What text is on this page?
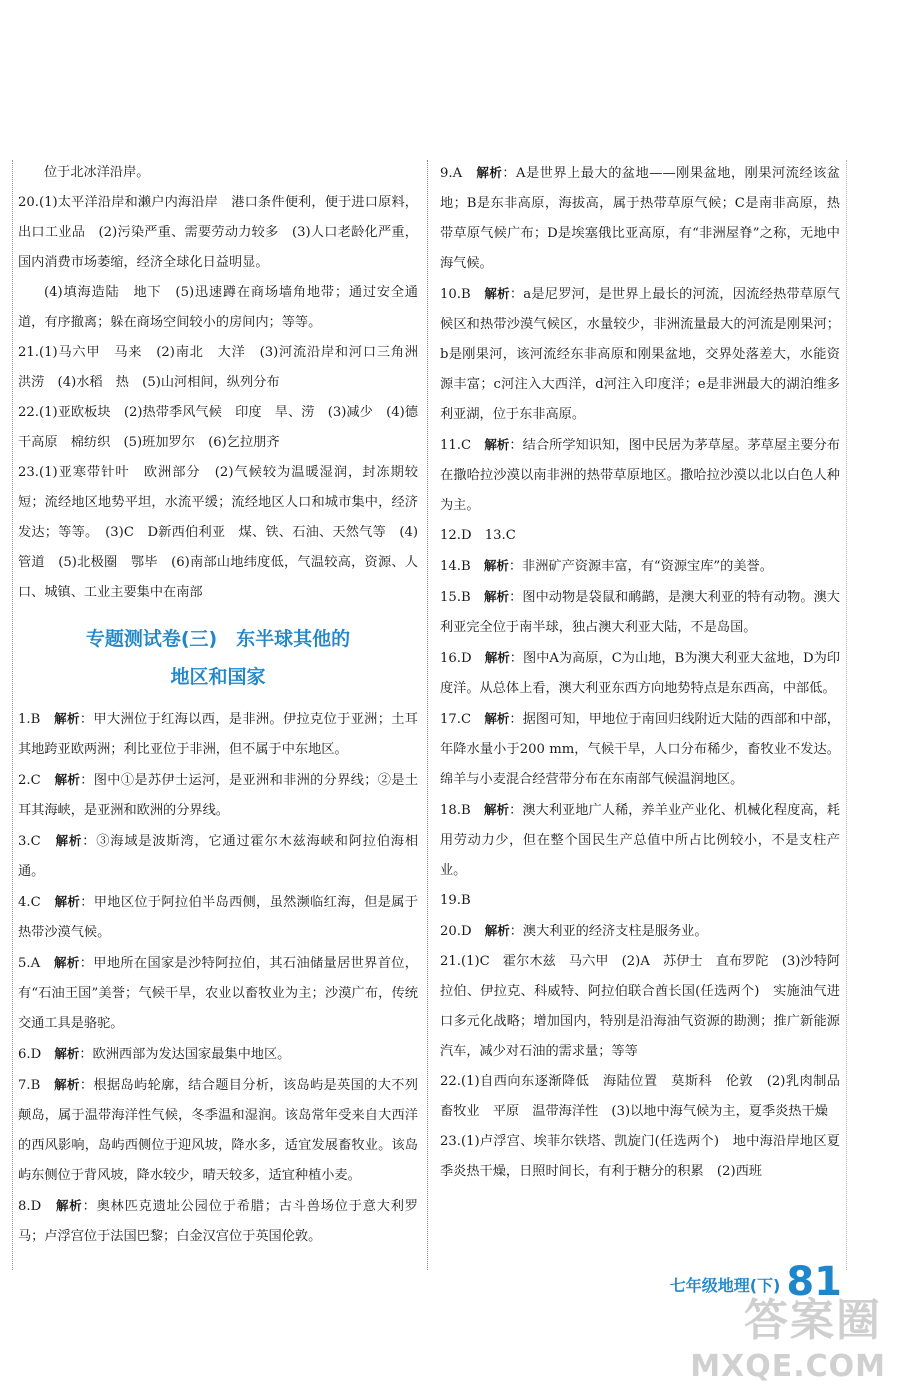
位于北冰洋沿岸。

20.(1)太平洋沿岸和濑户内海沿岸　港口条件便利，便于进口原料，出口工业品　(2)污染严重、需要劳动力较多　(3)人口老龄化严重，国内消费市场萎缩，经济全球化日益明显。

(4)填海造陆　地下　(5)迅速蹲在商场墙角地带；通过安全通道，有序撤离；躲在商场空间较小的房间内；等等。

21.(1)马六甲　马来　(2)南北　大洋　(3)河流沿岸和河口三角洲　洪涝　(4)水稻　热　(5)山河相间，纵列分布

22.(1)亚欧板块　(2)热带季风气候　印度　旱、涝　(3)减少　(4)德干高原　棉纺织　(5)班加罗尔　(6)乞拉朋齐

23.(1)亚寒带针叶　欧洲部分　(2)气候较为温暖湿润，封冻期较短；流经地区地势平坦，水流平缓；流经地区人口和城市集中，经济发达；等等。　(3)C　D新西伯利亚　煤、铁、石油、天然气等　(4)管道　(5)北极圈　鄂毕　(6)南部山地纬度低，气温较高，资源、人口、城镇、工业主要集中在南部

专题测试卷(三)　东半球其他的
地区和国家

1.B　 解析：甲大洲位于红海以西，是非洲。伊拉克位于亚洲；土耳其地跨亚欧两洲；利比亚位于非洲，但不属于中东地区。

2.C　 解析：图中①是苏伊士运河，是亚洲和非洲的分界线；②是土耳其海峡，是亚洲和欧洲的分界线。

3.C　 解析：③海域是波斯湾，它通过霍尔木兹海峡和阿拉伯海相通。

4.C　 解析：甲地区位于阿拉伯半岛西侧，虽然濒临红海，但是属于热带沙漠气候。

5.A　 解析：甲地所在国家是沙特阿拉伯，其石油储量居世界首位，有“石油王国”美誉；气候干旱，农业以畜牧业为主；沙漠广布，传统交通工具是骆驼。

6.D　 解析：欧洲西部为发达国家最集中地区。

7.B　 解析：根据岛屿轮廓，结合题目分析，该岛屿是英国的大不列颠岛，属于温带海洋性气候，冬季温和湿润。该岛常年受来自大西洋的西风影响，岛屿西侧位于迎风坡，降水多，适宜发展畜牧业。该岛屿东侧位于背风坡，降水较少，晴天较多，适宜种植小麦。

8.D　 解析：奥林匹克遗址公园位于希腊；古斗兽场位于意大利罗马；卢浮宫位于法国巴黎；白金汉宫位于英国伦敦。

9.A　 解析：A是世界上最大的盆地——刚果盆地，刚果河流经该盆地；B是东非高原，海拔高，属于热带草原气候；C是南非高原，热带草原气候广布；D是埃塞俄比亚高原，有“非洲屋脊”之称，无地中海气候。

10.B　 解析：a是尼罗河，是世界上最长的河流，因流经热带草原气候区和热带沙漠气候区，水量较少，非洲流量最大的河流是刚果河；b是刚果河，该河流经东非高原和刚果盆地，交界处落差大，水能资源丰富；c河注入大西洋，d河注入印度洋；e是非洲最大的湖泊维多利亚湖，位于东非高原。

11.C　 解析：结合所学知识知，图中民居为茅草屋。茅草屋主要分布在撒哈拉沙漠以南非洲的热带草原地区。撒哈拉沙漠以北以白色人种为主。

12.D　13.C

14.B　 解析：非洲矿产资源丰富，有“资源宝库”的美誉。

15.B　 解析：图中动物是袋鼠和鸸鹋，是澳大利亚的特有动物。澳大利亚完全位于南半球，独占澳大利亚大陆，不是岛国。

16.D　 解析：图中A为高原，C为山地，B为澳大利亚大盆地，D为印度洋。从总体上看，澳大利亚东西方向地势特点是东西高，中部低。

17.C　 解析：据图可知，甲地位于南回归线附近大陆的西部和中部，年降水量小于200 mm，气候干旱，人口分布稀少，畜牧业不发达。绵羊与小麦混合经营带分布在东南部气候温润地区。

18.B　 解析：澳大利亚地广人稀，养羊业产业化、机械化程度高，耗用劳动力少，但在整个国民生产总值中所占比例较小，不是支柱产业。

19.B

20.D　 解析：澳大利亚的经济支柱是服务业。

21.(1)C　霍尔木兹　马六甲　(2)A　苏伊士　直布罗陀　(3)沙特阿拉伯、伊拉克、科威特、阿拉伯联合酋长国(任选两个)　实施油气进口多元化战略；增加国内，特别是沿海油气资源的勘测；推广新能源汽车，减少对石油的需求量；等等

22.(1)自西向东逐渐降低　海陆位置　莫斯科　伦敦　(2)乳肉制品　畜牧业　平原　温带海洋性　(3)以地中海气候为主，夏季炎热干燥

23.(1)卢浮宫、埃菲尔铁塔、凯旋门(任选两个)　地中海沿岸地区夏季炎热干燥，日照时间长，有利于糖分的积累　(2)西班

七年级地理(下) 81
答案圈
MXQE.COM
